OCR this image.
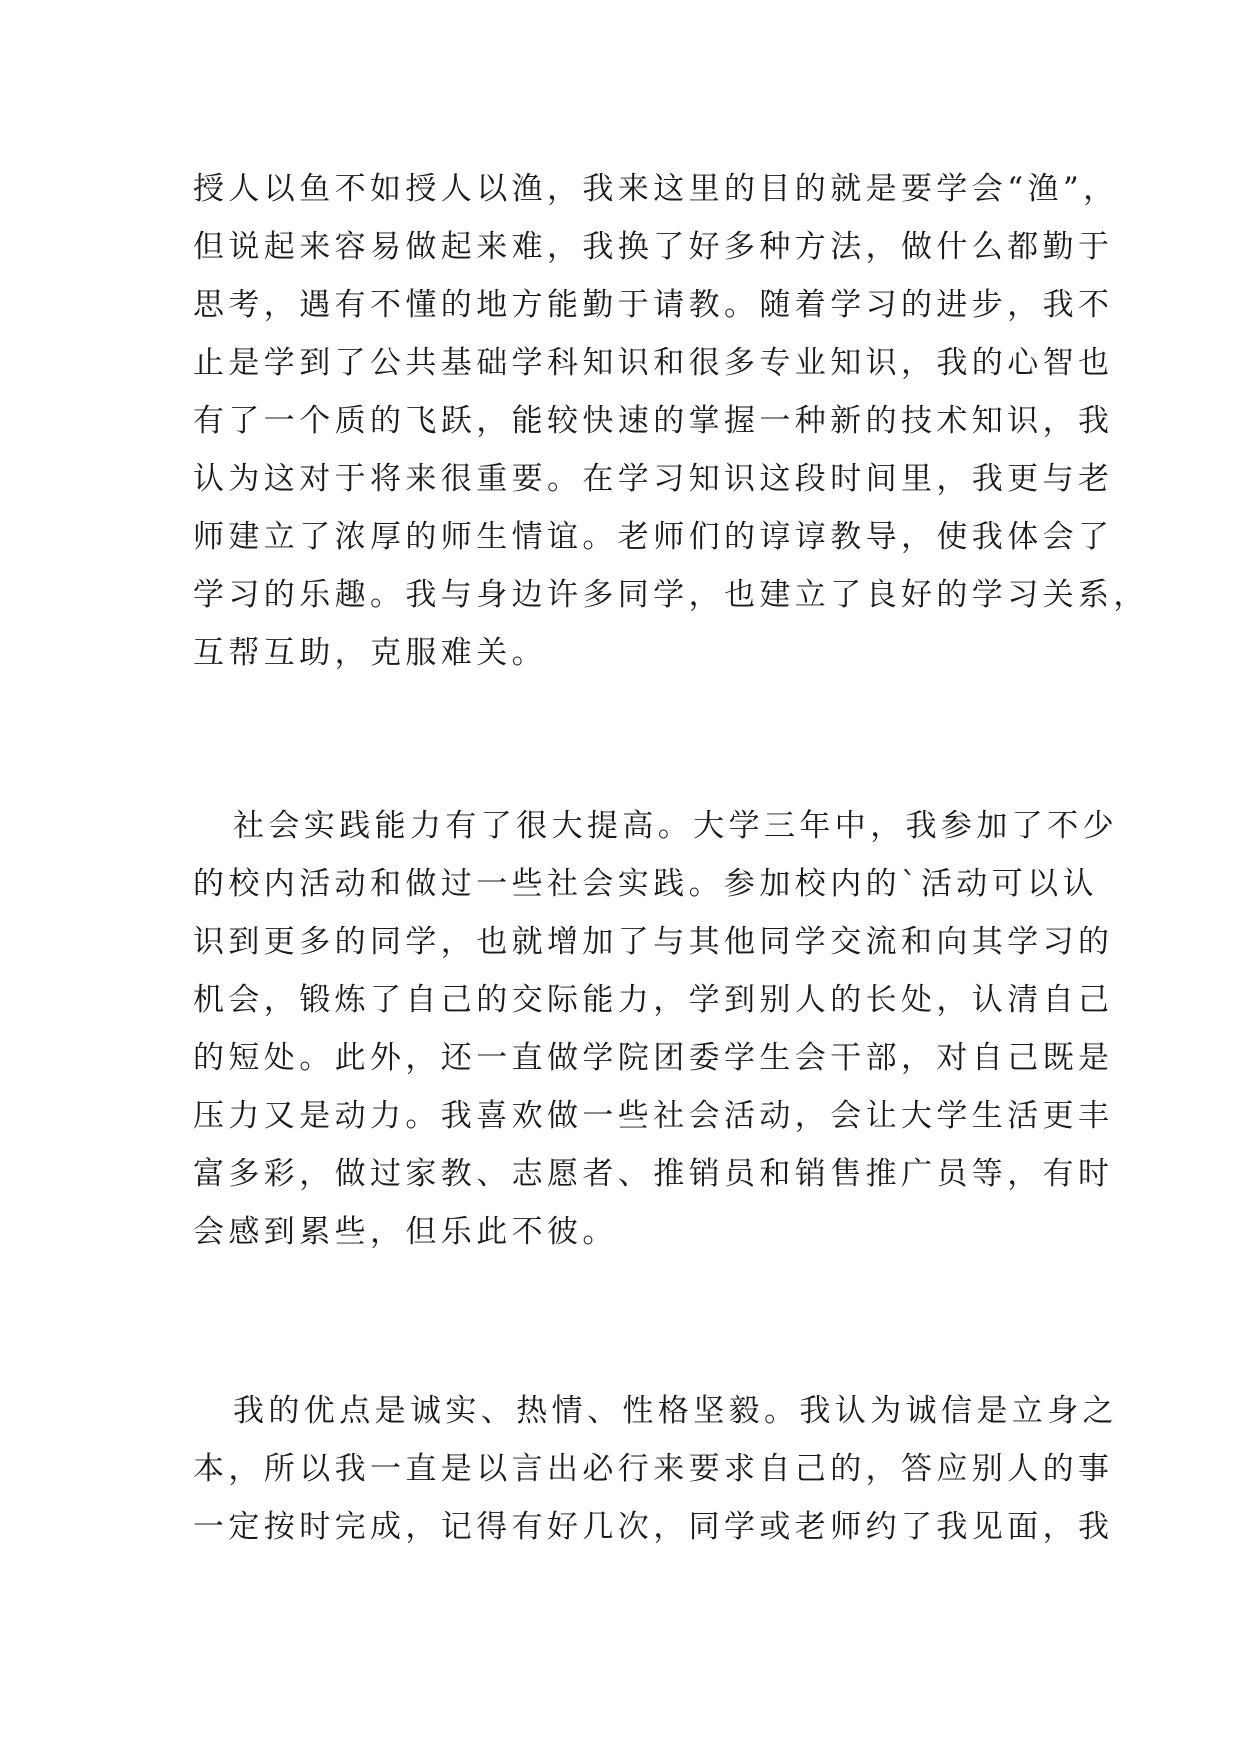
授人以鱼不如授人以渔，我来这里的目的就是要学会“渔”，
但说起来容易做起来难，我换了好多种方法，做什么都勤于
思考，遇有不懂的地方能勤于请教。随着学习的进步，我不
止是学到了公共基础学科知识和很多专业知识，我的心智也
有了一个质的飞跃，能较快速的掌握一种新的技术知识，我
认为这对于将来很重要。在学习知识这段时间里，我更与老
师建立了浓厚的师生情谊。老师们的谆谆教导，使我体会了
学习的乐趣。我与身边许多同学，也建立了良好的学习关系，
互帮互助，克服难关。
社会实践能力有了很大提高。大学三年中，我参加了不少
的校内活动和做过一些社会实践。参加校内的`活动可以认
识到更多的同学，也就增加了与其他同学交流和向其学习的
机会，锻炼了自己的交际能力，学到别人的长处，认清自己
的短处。此外，还一直做学院团委学生会干部，对自己既是
压力又是动力。我喜欢做一些社会活动，会让大学生活更丰
富多彩，做过家教、志愿者、推销员和销售推广员等，有时
会感到累些，但乐此不彼。
我的优点是诚实、热情、性格坚毅。我认为诚信是立身之
本，所以我一直是以言出必行来要求自己的，答应别人的事
一定按时完成，记得有好几次，同学或老师约了我见面，我
